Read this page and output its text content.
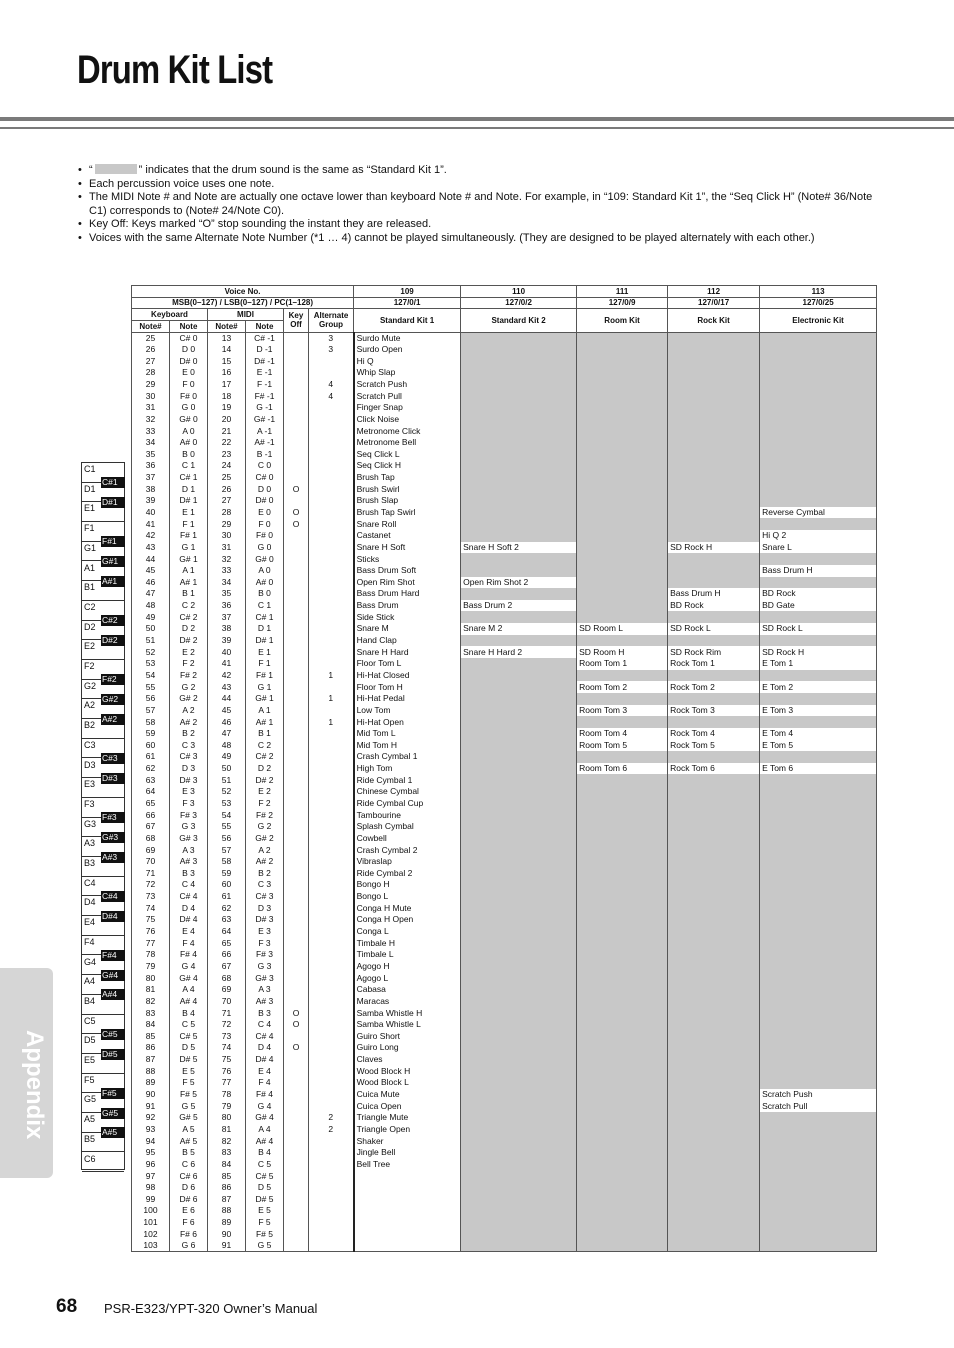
Drum Kit List
• “	” indicates that the drum sound is the same as “Standard Kit 1”.
• Each percussion voice uses one note.
• The MIDI Note # and Note are actually one octave lower than keyboard Note # and Note. For example, in “109: Standard Kit 1”, the “Seq Click H” (Note# 36/Note C1) corresponds to (Note# 24/Note C0).
• Key Off: Keys marked “O” stop sounding the instant they are released.
• Voices with the same Alternate Note Number (*1 … 4) cannot be played simultaneously. (They are designed to be played alternately with each other.)
Voice No.						109	110	111	112	113
MSB(0–127) / LSB(0–127) / PC(1–128)						127/0/1	127/0/2	127/0/9	127/0/17	127/0/25
Keyboard		MIDI		Key Off	Alternate Group	Standard Kit 1	Standard Kit 2	Room Kit	Rock Kit	Electronic Kit
Note#	Note	Note#	Note							
25	C# 0	13	C# -1		3	Surdo Mute				
26	D 0	14	D -1		3	Surdo Open				
27	D# 0	15	D# -1			Hi Q				
28	E 0	16	E -1			Whip Slap				
29	F 0	17	F -1		4	Scratch Push				
30	F# 0	18	F# -1		4	Scratch Pull				
31	G 0	19	G -1			Finger Snap				
32	G# 0	20	G# -1			Click Noise				
33	A 0	21	A -1			Metronome Click				
34	A# 0	22	A# -1			Metronome Bell				
35	B 0	23	B -1			Seq Click L				
36	C 1	24	C 0			Seq Click H				
37	C# 1	25	C# 0			Brush Tap				
38	D 1	26	D 0	O		Brush Swirl				
39	D# 1	27	D# 0			Brush Slap				
40	E 1	28	E 0	O		Brush Tap Swirl				Reverse Cymbal
41	F 1	29	F 0	O		Snare Roll				
42	F# 1	30	F# 0			Castanet				Hi Q 2
43	G 1	31	G 0			Snare H Soft	Snare H Soft 2		SD Rock H	Snare L
44	G# 1	32	G# 0			Sticks				
45	A 1	33	A 0			Bass Drum Soft				Bass Drum H
46	A# 1	34	A# 0			Open Rim Shot	Open Rim Shot 2			
47	B 1	35	B 0			Bass Drum Hard			Bass Drum H	BD Rock
48	C 2	36	C 1			Bass Drum	Bass Drum 2		BD Rock	BD Gate
49	C# 2	37	C# 1			Side Stick				
50	D 2	38	D 1			Snare M	Snare M 2	SD Room L	SD Rock L	SD Rock L
51	D# 2	39	D# 1			Hand Clap				
52	E 2	40	E 1			Snare H Hard	Snare H Hard 2	SD Room H	SD Rock Rim	SD Rock H
53	F 2	41	F 1			Floor Tom L		Room Tom 1	Rock Tom 1	E Tom 1
54	F# 2	42	F# 1		1	Hi-Hat Closed				
55	G 2	43	G 1			Floor Tom H		Room Tom 2	Rock Tom 2	E Tom 2
56	G# 2	44	G# 1		1	Hi-Hat Pedal				
57	A 2	45	A 1			Low Tom		Room Tom 3	Rock Tom 3	E Tom 3
58	A# 2	46	A# 1		1	Hi-Hat Open				
59	B 2	47	B 1			Mid Tom L		Room Tom 4	Rock Tom 4	E Tom 4
60	C 3	48	C 2			Mid Tom H		Room Tom 5	Rock Tom 5	E Tom 5
61	C# 3	49	C# 2			Crash Cymbal 1				
62	D 3	50	D 2			High Tom		Room Tom 6	Rock Tom 6	E Tom 6
63	D# 3	51	D# 2			Ride Cymbal 1				
64	E 3	52	E 2			Chinese Cymbal				
65	F 3	53	F 2			Ride Cymbal Cup				
66	F# 3	54	F# 2			Tambourine				
67	G 3	55	G 2			Splash Cymbal				
68	G# 3	56	G# 2			Cowbell				
69	A 3	57	A 2			Crash Cymbal 2				
70	A# 3	58	A# 2			Vibraslap				
71	B 3	59	B 2			Ride Cymbal 2				
72	C 4	60	C 3			Bongo H				
73	C# 4	61	C# 3			Bongo L				
74	D 4	62	D 3			Conga H Mute				
75	D# 4	63	D# 3			Conga H Open				
76	E 4	64	E 3			Conga L				
77	F 4	65	F 3			Timbale H				
78	F# 4	66	F# 3			Timbale L				
79	G 4	67	G 3			Agogo H				
80	G# 4	68	G# 3			Agogo L				
81	A 4	69	A 3			Cabasa				
82	A# 4	70	A# 3			Maracas				
83	B 4	71	B 3	O		Samba Whistle H				
84	C 5	72	C 4	O		Samba Whistle L				
85	C# 5	73	C# 4			Guiro Short				
86	D 5	74	D 4	O		Guiro Long				
87	D# 5	75	D# 4			Claves				
88	E 5	76	E 4			Wood Block H				
89	F 5	77	F 4			Wood Block L				
90	F# 5	78	F# 4			Cuica Mute				Scratch Push
91	G 5	79	G 4			Cuica Open				Scratch Pull
92	G# 5	80	G# 4		2	Triangle Mute				
93	A 5	81	A 4		2	Triangle Open				
94	A# 5	82	A# 4			Shaker				
95	B 5	83	B 4			Jingle Bell				
96	C 6	84	C 5			Bell Tree				
97	C# 6	85	C# 5							
98	D 6	86	D 5							
99	D# 6	87	D# 5							
100	E 6	88	E 5							
101	F 6	89	F 5							
102	F# 6	90	F# 5							
103	G 6	91	G 5							
C1
D1
E1
F1
G1
A1
B1
C2
D2
E2
F2
G2
A2
B2
C3
D3
E3
F3
G3
A3
B3
C4
D4
E4
F4
G4
A4
B4
C5
D5
E5
F5
G5
A5
B5
C6
C#1
D#1
F#1
G#1
A#1
C#2
D#2
F#2
G#2
A#2
C#3
D#3
F#3
G#3
A#3
C#4
D#4
F#4
G#4
A#4
C#5
D#5
F#5
G#5
A#5
Appendix
68 PSR-E323/YPT-320 Owner’s Manual
